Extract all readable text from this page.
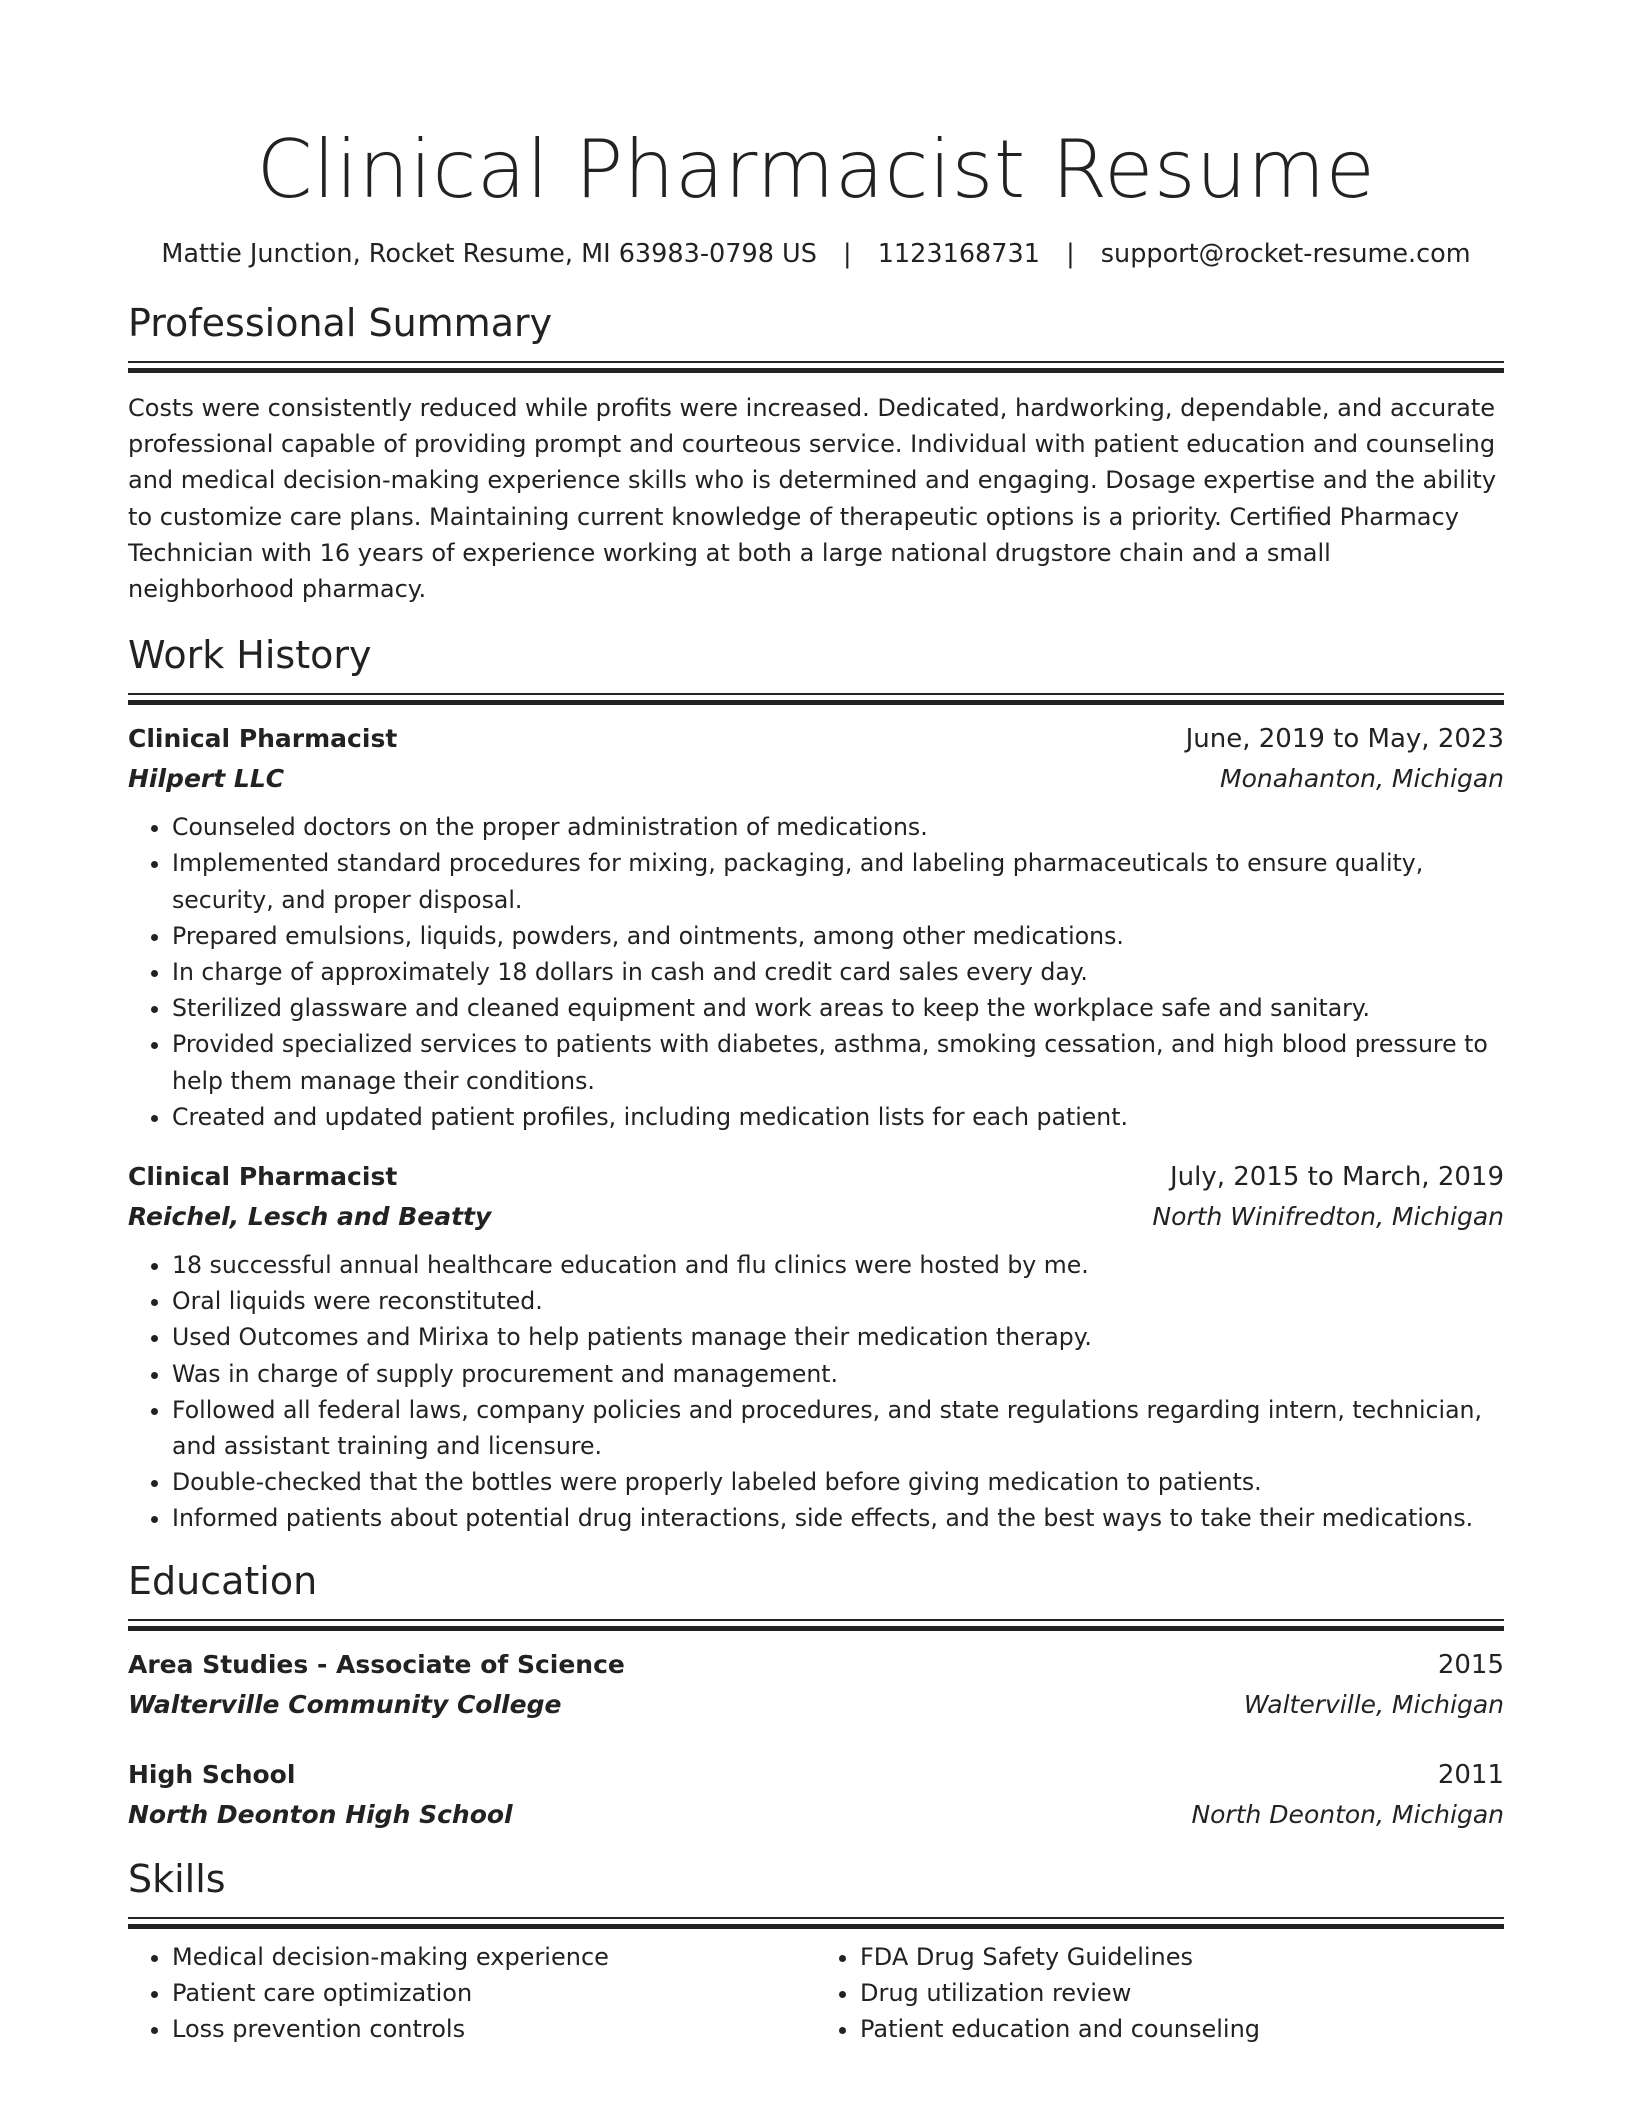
Clinical Pharmacist Resume
Mattie Junction, Rocket Resume, MI 63983-0798 US | 1123168731 | support@rocket-resume.com
Professional Summary

Costs were consistently reduced while profits were increased. Dedicated, hardworking, dependable, and accurate professional capable of providing prompt and courteous service. Individual with patient education and counseling and medical decision-making experience skills who is determined and engaging. Dosage expertise and the ability to customize care plans. Maintaining current knowledge of therapeutic options is a priority. Certified Pharmacy Technician with 16 years of experience working at both a large national drugstore chain and a small neighborhood pharmacy.

Work History
Clinical Pharmacist	June, 2019 to May, 2023
Hilpert LLC	Monahanton, Michigan
• Counseled doctors on the proper administration of medications.
• Implemented standard procedures for mixing, packaging, and labeling pharmaceuticals to ensure quality, security, and proper disposal.
• Prepared emulsions, liquids, powders, and ointments, among other medications.
• In charge of approximately 18 dollars in cash and credit card sales every day.
• Sterilized glassware and cleaned equipment and work areas to keep the workplace safe and sanitary.
• Provided specialized services to patients with diabetes, asthma, smoking cessation, and high blood pressure to help them manage their conditions.
• Created and updated patient profiles, including medication lists for each patient.
Clinical Pharmacist	July, 2015 to March, 2019
Reichel, Lesch and Beatty	North Winifredton, Michigan
• 18 successful annual healthcare education and flu clinics were hosted by me.
• Oral liquids were reconstituted.
• Used Outcomes and Mirixa to help patients manage their medication therapy.
• Was in charge of supply procurement and management.
• Followed all federal laws, company policies and procedures, and state regulations regarding intern, technician, and assistant training and licensure.
• Double-checked that the bottles were properly labeled before giving medication to patients.
• Informed patients about potential drug interactions, side effects, and the best ways to take their medications.
Education
Area Studies - Associate of Science	2015
Walterville Community College	Walterville, Michigan
High School	2011
North Deonton High School	North Deonton, Michigan
Skills
• Medical decision-making experience
• Patient care optimization
• Loss prevention controls
• FDA Drug Safety Guidelines
• Drug utilization review
• Patient education and counseling
